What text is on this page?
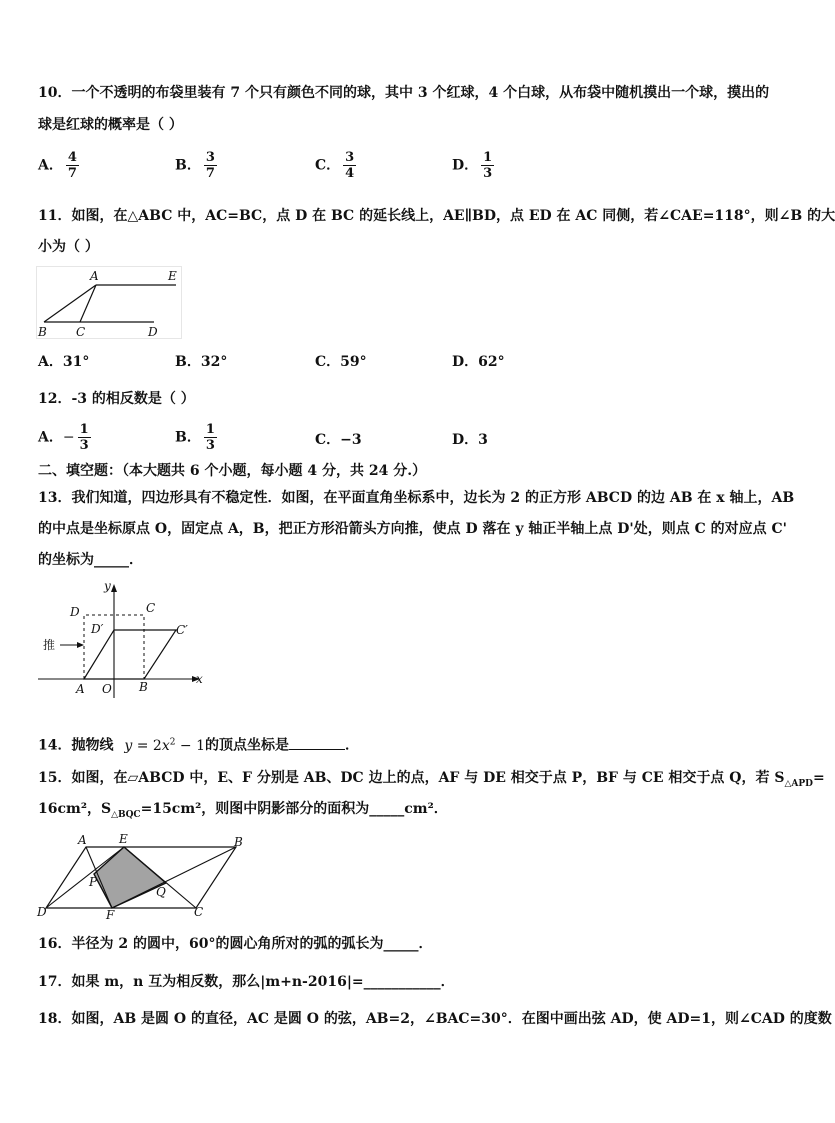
10．一个不透明的布袋里装有 7 个只有颜色不同的球，其中 3 个红球，4 个白球，从布袋中随机摸出一个球，摸出的
球是红球的概率是（ ）
A． $\frac{4}{7}$	B． $\frac{3}{7}$	C． $\frac{3}{4}$	D． $\frac{1}{3}$
11．如图，在△ABC 中，AC=BC，点 D 在 BC 的延长线上，AE∥BD，点 ED 在 AC 同侧，若∠CAE=118°，则∠B 的大
小为（ ）
A	E
B C	D
A．31°	B．32°	C．59°	D．62°
12．-3 的相反数是（ ）
A．− $\frac{1}{3}$	B． $\frac{1}{3}$	C．−3	D．3
二、填空题：（本大题共 6 个小题，每小题 4 分，共 24 分.）
13．我们知道，四边形具有不稳定性．如图，在平面直角坐标系中，边长为 2 的正方形 ABCD 的边 AB 在 x 轴上，AB
的中点是坐标原点 O，固定点 A，B，把正方形沿箭头方向推，使点 D 落在 y 轴正半轴上点 D'处，则点 C 的对应点 C'
的坐标为_____．
推
y
x
D	C
D′	C′
A O B
14．抛物线 $y = 2x^2 - 1$的顶点坐标是	．
15．如图，在▱ABCD 中，E、F 分别是 AB、DC 边上的点，AF 与 DE 相交于点 P，BF 与 CE 相交于点 Q，若 $S_{\triangle APD}=$
16cm²，$S_{\triangle BQC}=15cm^2$，则图中阴影部分的面积为_____cm²．
A	E	B
P
Q
D	F	C
16．半径为 2 的圆中，60°的圆心角所对的弧的弧长为_____．
17．如果 m，n 互为相反数，那么|m+n-2016|=___________．
18．如图，AB 是圆 O 的直径，AC 是圆 O 的弦，AB=2，∠BAC=30°．在图中画出弦 AD，使 AD=1，则∠CAD 的度数
